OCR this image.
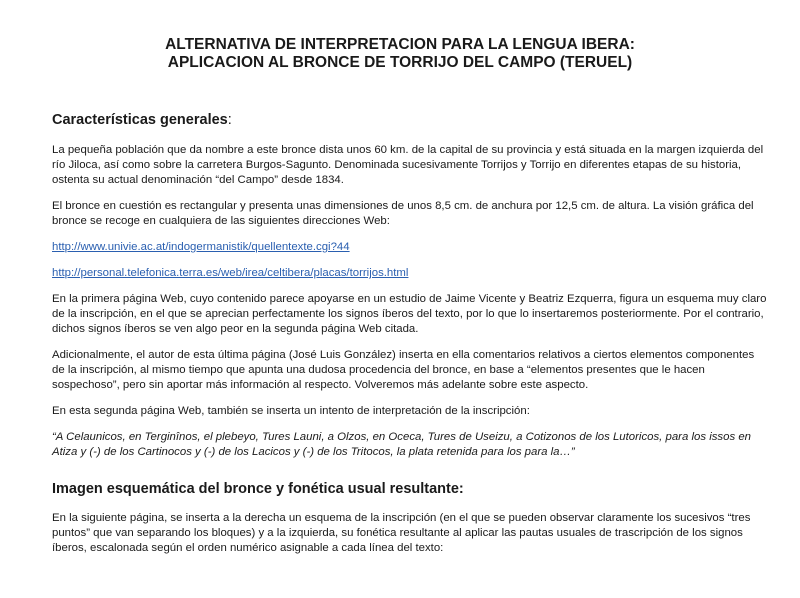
ALTERNATIVA DE INTERPRETACION PARA LA LENGUA IBERA:
APLICACION AL BRONCE DE TORRIJO DEL CAMPO (TERUEL)
Características generales:

La pequeña población que da nombre a este bronce dista unos 60 km. de la capital de su provincia y está situada en la margen izquierda del
río Jiloca, así como sobre la carretera Burgos-Sagunto. Denominada sucesivamente Torrijos y Torrijo en diferentes etapas de su historia,
ostenta su actual denominación “del Campo” desde 1834.

El bronce en cuestión es rectangular y presenta unas dimensiones de unos 8,5 cm. de anchura por 12,5 cm. de altura. La visión gráfica del
bronce se recoge en cualquiera de las siguientes direcciones Web:

http://www.univie.ac.at/indogermanistik/quellentexte.cgi?44

http://personal.telefonica.terra.es/web/irea/celtibera/placas/torrijos.html

En la primera página Web, cuyo contenido parece apoyarse en un estudio de Jaime Vicente y Beatriz Ezquerra, figura un esquema muy claro
de la inscripción, en el que se aprecian perfectamente los signos íberos del texto, por lo que lo insertaremos posteriormente. Por el contrario,
dichos signos íberos se ven algo peor en la segunda página Web citada.

Adicionalmente, el autor de esta última página (José Luis González) inserta en ella comentarios relativos a ciertos elementos componentes
de la inscripción, al mismo tiempo que apunta una dudosa procedencia del bronce, en base a “elementos presentes que le hacen
sospechoso”, pero sin aportar más información al respecto. Volveremos más adelante sobre este aspecto.

En esta segunda página Web, también se inserta un intento de interpretación de la inscripción:

“A Celaunicos, en Terginînos, el plebeyo, Tures Launi, a Olzos, en Oceca, Tures de Useizu, a Cotizonos de los Lutoricos, para los issos en
Atiza y (-) de los Cartinocos y (-) de los Lacicos y (-) de los Tritocos, la plata retenida para los para la…”

Imagen esquemática del bronce y fonética usual resultante:

En la siguiente página, se inserta a la derecha un esquema de la inscripción (en el que se pueden observar claramente los sucesivos “tres
puntos” que van separando los bloques) y a la izquierda, su fonética resultante al aplicar las pautas usuales de trascripción de los signos
íberos, escalonada según el orden numérico asignable a cada línea del texto:
